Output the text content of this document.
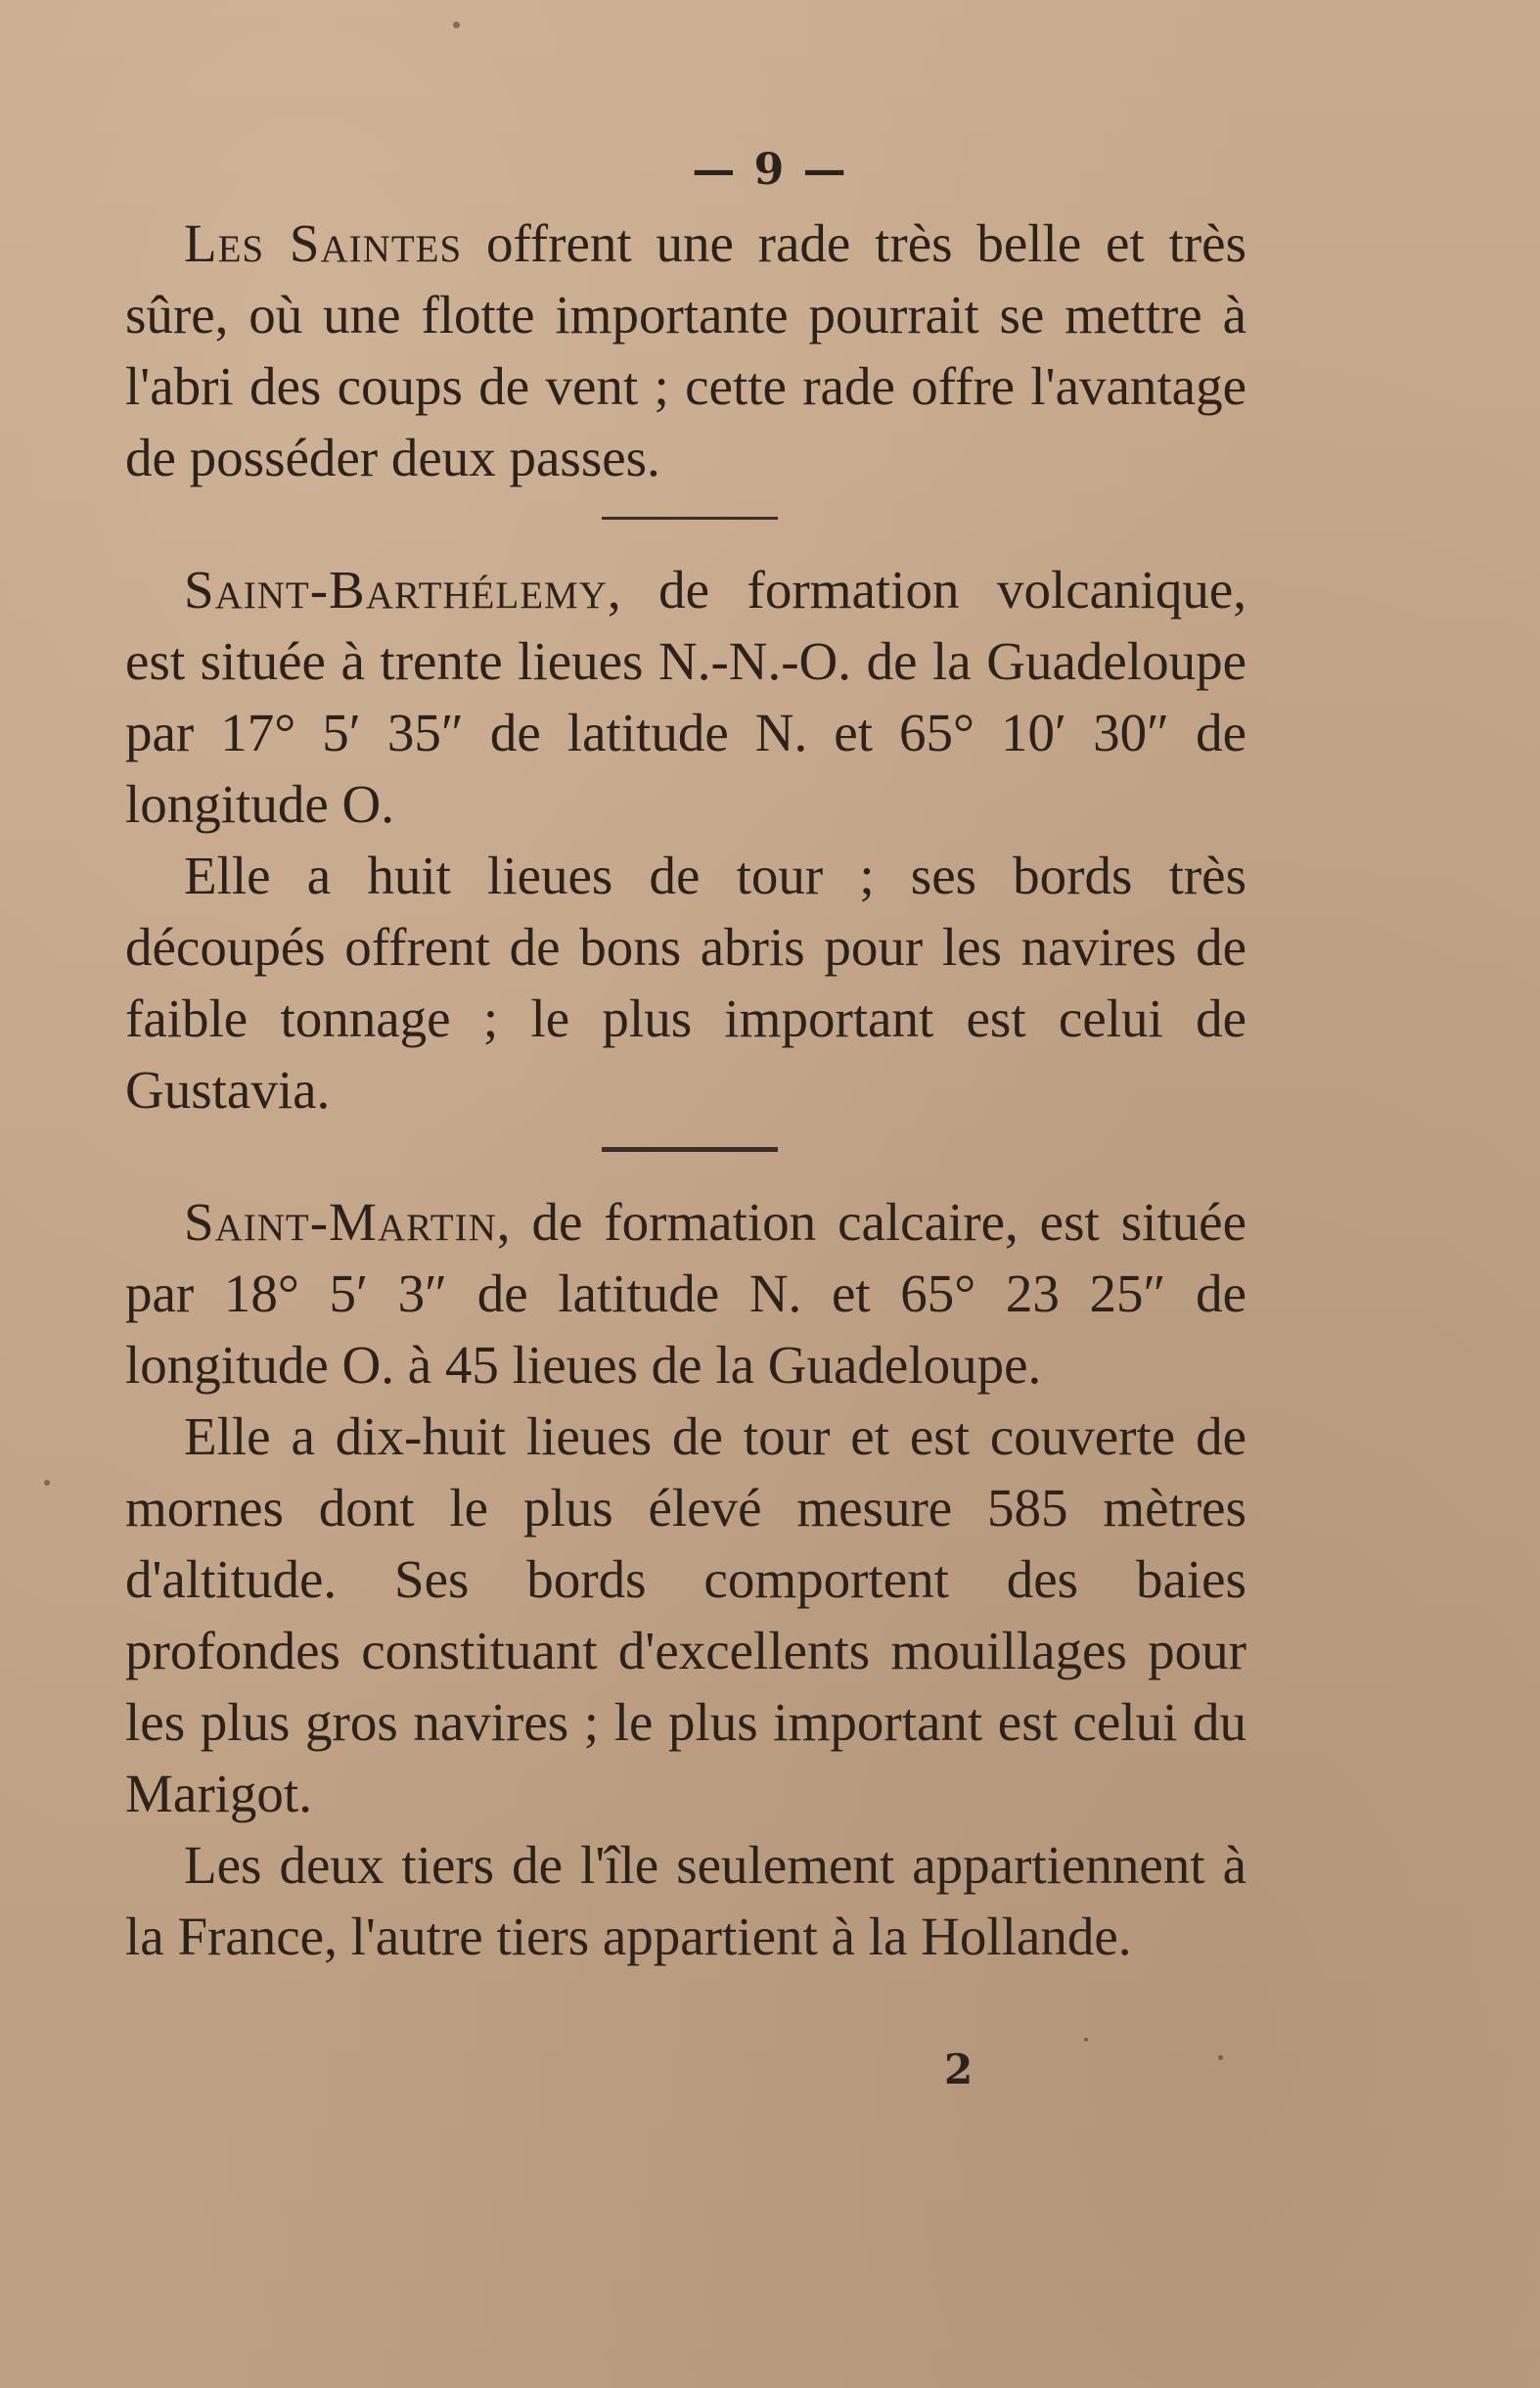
— 9 —

Les Saintes offrent une rade très belle et très sûre, où une flotte importante pourrait se mettre à l'abri des coups de vent ; cette rade offre l'avantage de posséder deux passes.

Saint-Barthélemy, de formation volcanique, est située à trente lieues N.-N.-O. de la Guadeloupe par 17° 5′ 35″ de latitude N. et 65° 10′ 30″ de longitude O.

Elle a huit lieues de tour ; ses bords très découpés offrent de bons abris pour les navires de faible tonnage ; le plus important est celui de Gustavia.

Saint-Martin, de formation calcaire, est située par 18° 5′ 3″ de latitude N. et 65° 23 25″ de longitude O. à 45 lieues de la Guadeloupe.

Elle a dix-huit lieues de tour et est couverte de mornes dont le plus élevé mesure 585 mètres d'altitude. Ses bords comportent des baies profondes constituant d'excellents mouillages pour les plus gros navires ; le plus important est celui du Marigot.

Les deux tiers de l'île seulement appartiennent à la France, l'autre tiers appartient à la Hollande.

2
